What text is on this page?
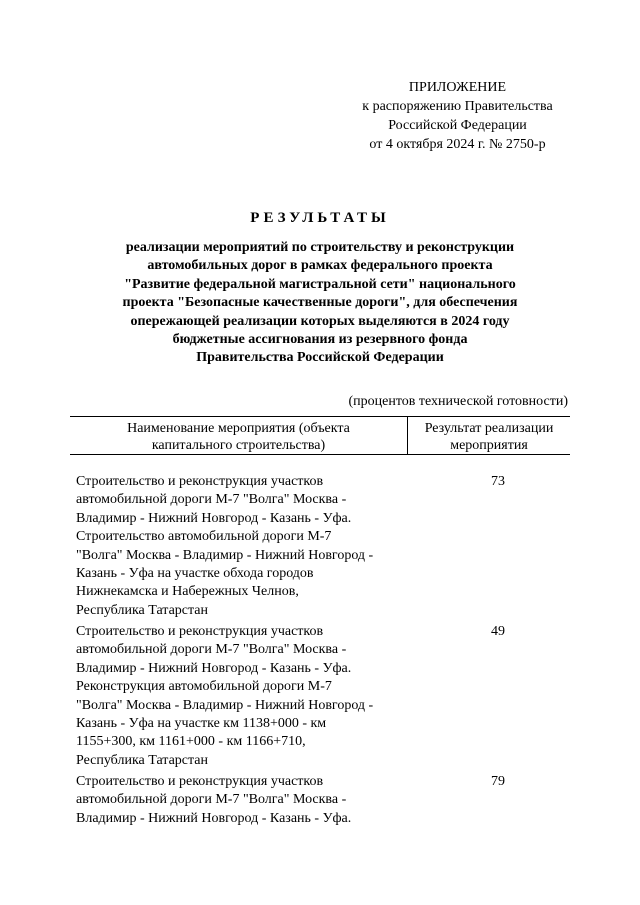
ПРИЛОЖЕНИЕ
к распоряжению Правительства
Российской Федерации
от 4 октября 2024 г. № 2750-р
РЕЗУЛЬТАТЫ
реализации мероприятий по строительству и реконструкции
автомобильных дорог в рамках федерального проекта
"Развитие федеральной магистральной сети" национального
проекта "Безопасные качественные дороги", для обеспечения
опережающей реализации которых выделяются в 2024 году
бюджетные ассигнования из резервного фонда
Правительства Российской Федерации
(процентов технической готовности)
Наименование мероприятия (объекта
капитального строительства)
Результат реализации
мероприятия
Строительство и реконструкция участков
автомобильной дороги М-7 "Волга" Москва -
Владимир - Нижний Новгород - Казань - Уфа.
Строительство автомобильной дороги М-7
"Волга" Москва - Владимир - Нижний Новгород -
Казань - Уфа на участке обхода городов
Нижнекамска и Набережных Челнов,
Республика Татарстан
73
Строительство и реконструкция участков
автомобильной дороги М-7 "Волга" Москва -
Владимир - Нижний Новгород - Казань - Уфа.
Реконструкция автомобильной дороги М-7
"Волга" Москва - Владимир - Нижний Новгород -
Казань - Уфа на участке км 1138+000 - км
1155+300, км 1161+000 - км 1166+710,
Республика Татарстан
49
Строительство и реконструкция участков
автомобильной дороги М-7 "Волга" Москва -
Владимир - Нижний Новгород - Казань - Уфа.
79
